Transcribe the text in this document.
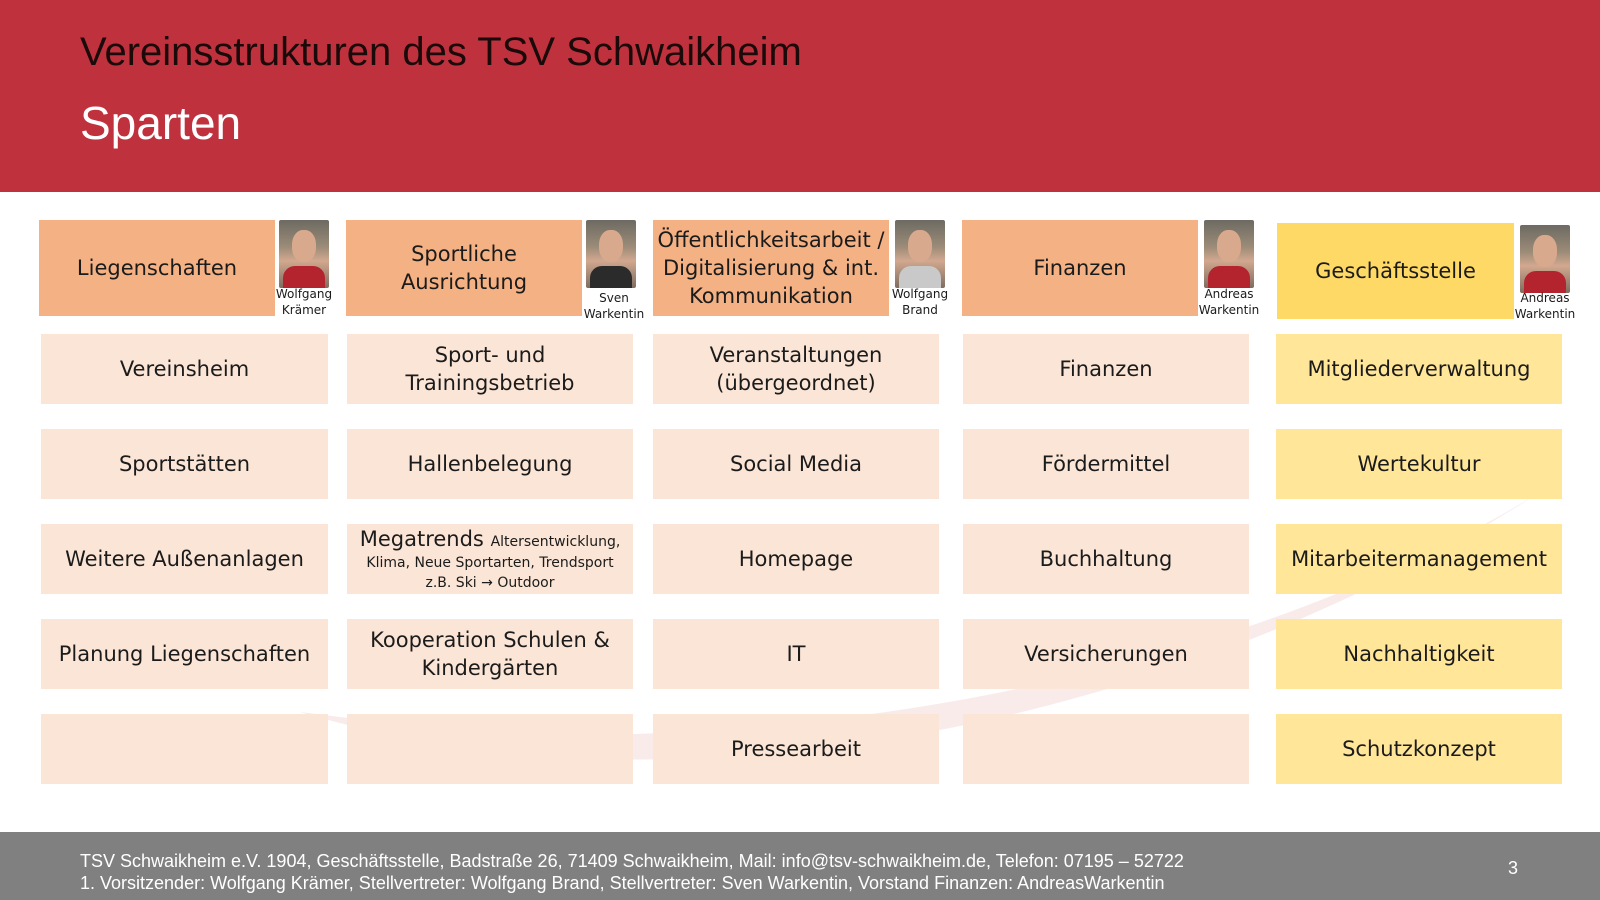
Vereinsstrukturen des TSV Schwaikheim
Sparten
Liegenschaften
Wolfgang
Krämer
Vereinsheim
Sportstätten
Weitere Außenanlagen
Planung Liegenschaften
Sportliche
Ausrichtung
Sven
Warkentin
Sport- und Trainingsbetrieb
Hallenbelegung
Megatrends Altersentwicklung,
Klima, Neue Sportarten, Trendsport
z.B. Ski → Outdoor
Kooperation Schulen &
Kindergärten
Öffentlichkeitsarbeit /
Digitalisierung & int.
Kommunikation	Wolfgang
Brand
Veranstaltungen
(übergeordnet)
Social Media
Homepage
IT
Pressearbeit
Finanzen
Andreas
Warkentin
Finanzen
Fördermittel
Buchhaltung
Versicherungen
Geschäftsstelle
Andreas
Warkentin
Mitgliederverwaltung
Wertekultur
Mitarbeitermanagement
Nachhaltigkeit
Schutzkonzept
TSV Schwaikheim e.V. 1904, Geschäftsstelle, Badstraße 26, 71409 Schwaikheim, Mail: info@tsv-schwaikheim.de, Telefon: 07195 – 52722
1. Vorsitzender: Wolfgang Krämer, Stellvertreter: Wolfgang Brand, Stellvertreter: Sven Warkentin, Vorstand Finanzen: AndreasWarkentin
3
